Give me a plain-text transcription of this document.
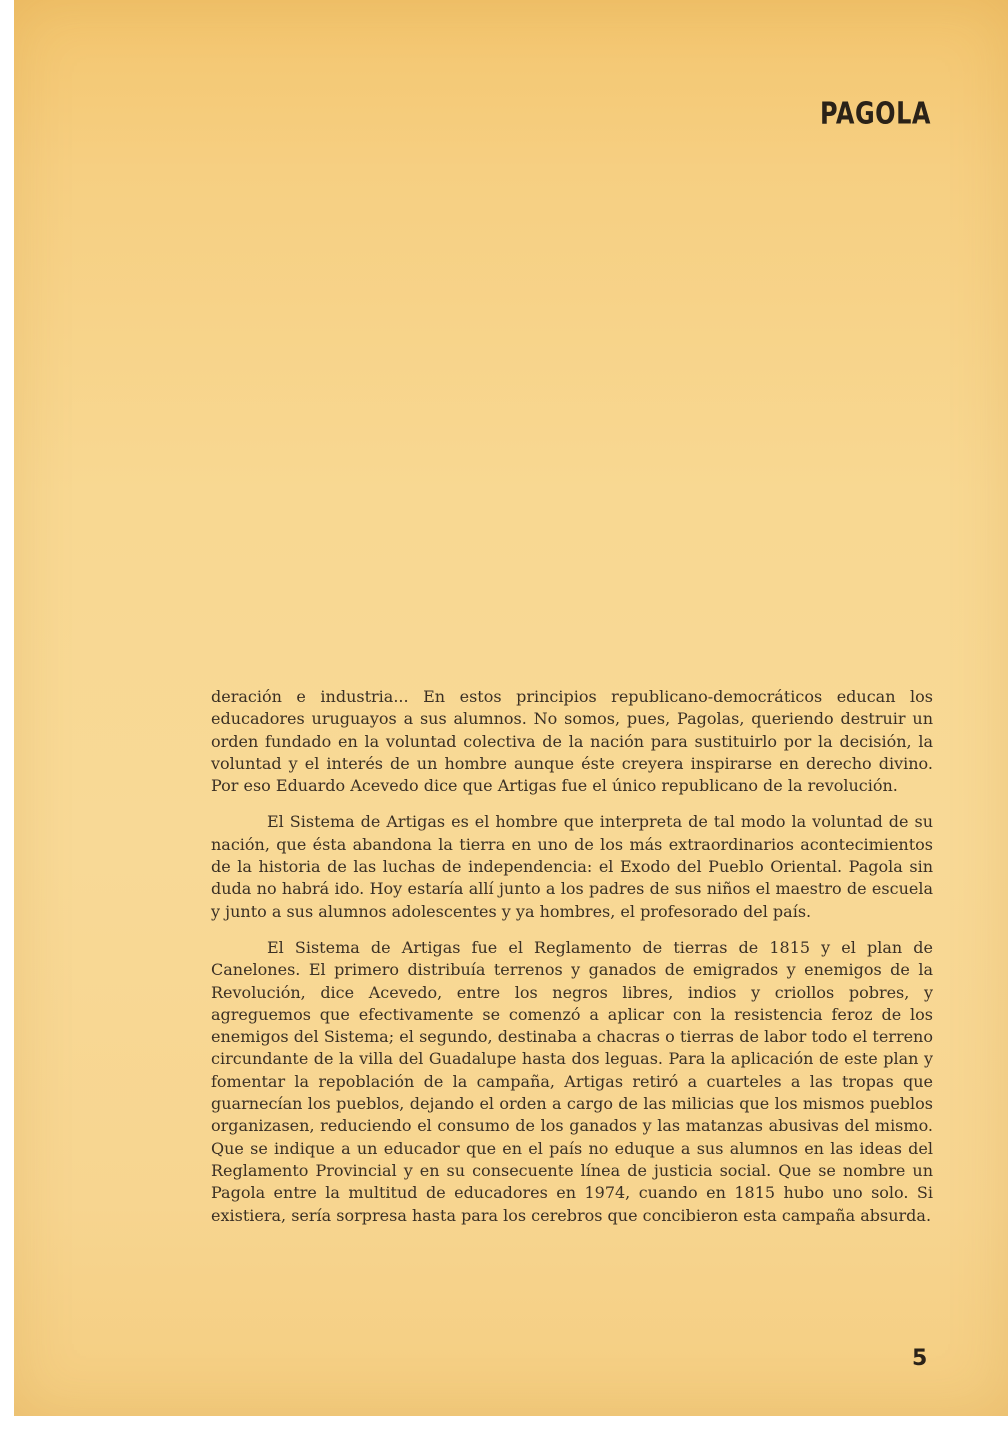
PAGOLA

deración e industria... En estos principios republicano-democráticos educan los educadores uruguayos a sus alumnos. No somos, pues, Pagolas, queriendo destruir un orden fundado en la voluntad colectiva de la nación para sustituirlo por la decisión, la voluntad y el interés de un hombre aunque éste creyera inspirarse en derecho divino. Por eso Eduardo Acevedo dice que Artigas fue el único republicano de la revolución.

El Sistema de Artigas es el hombre que interpreta de tal modo la voluntad de su nación, que ésta abandona la tierra en uno de los más extraordinarios acontecimientos de la historia de las luchas de independencia: el Exodo del Pueblo Oriental. Pagola sin duda no habrá ido. Hoy estaría allí junto a los padres de sus niños el maestro de escuela y junto a sus alumnos adolescentes y ya hombres, el profesorado del país.

El Sistema de Artigas fue el Reglamento de tierras de 1815 y el plan de Canelones. El primero distribuía terrenos y ganados de emigrados y enemigos de la Revolución, dice Acevedo, entre los negros libres, indios y criollos pobres, y agreguemos que efectivamente se comenzó a aplicar con la resistencia feroz de los enemigos del Sistema; el segundo, destinaba a chacras o tierras de labor todo el terreno circundante de la villa del Guadalupe hasta dos leguas. Para la aplicación de este plan y fomentar la repoblación de la campaña, Artigas retiró a cuarteles a las tropas que guarnecían los pueblos, dejando el orden a cargo de las milicias que los mismos pueblos organizasen, reduciendo el consumo de los ganados y las matanzas abusivas del mismo. Que se indique a un educador que en el país no eduque a sus alumnos en las ideas del Reglamento Provincial y en su consecuente línea de justicia social. Que se nombre un Pagola entre la multitud de educadores en 1974, cuando en 1815 hubo uno solo. Si existiera, sería sorpresa hasta para los cerebros que concibieron esta campaña absurda.

5
